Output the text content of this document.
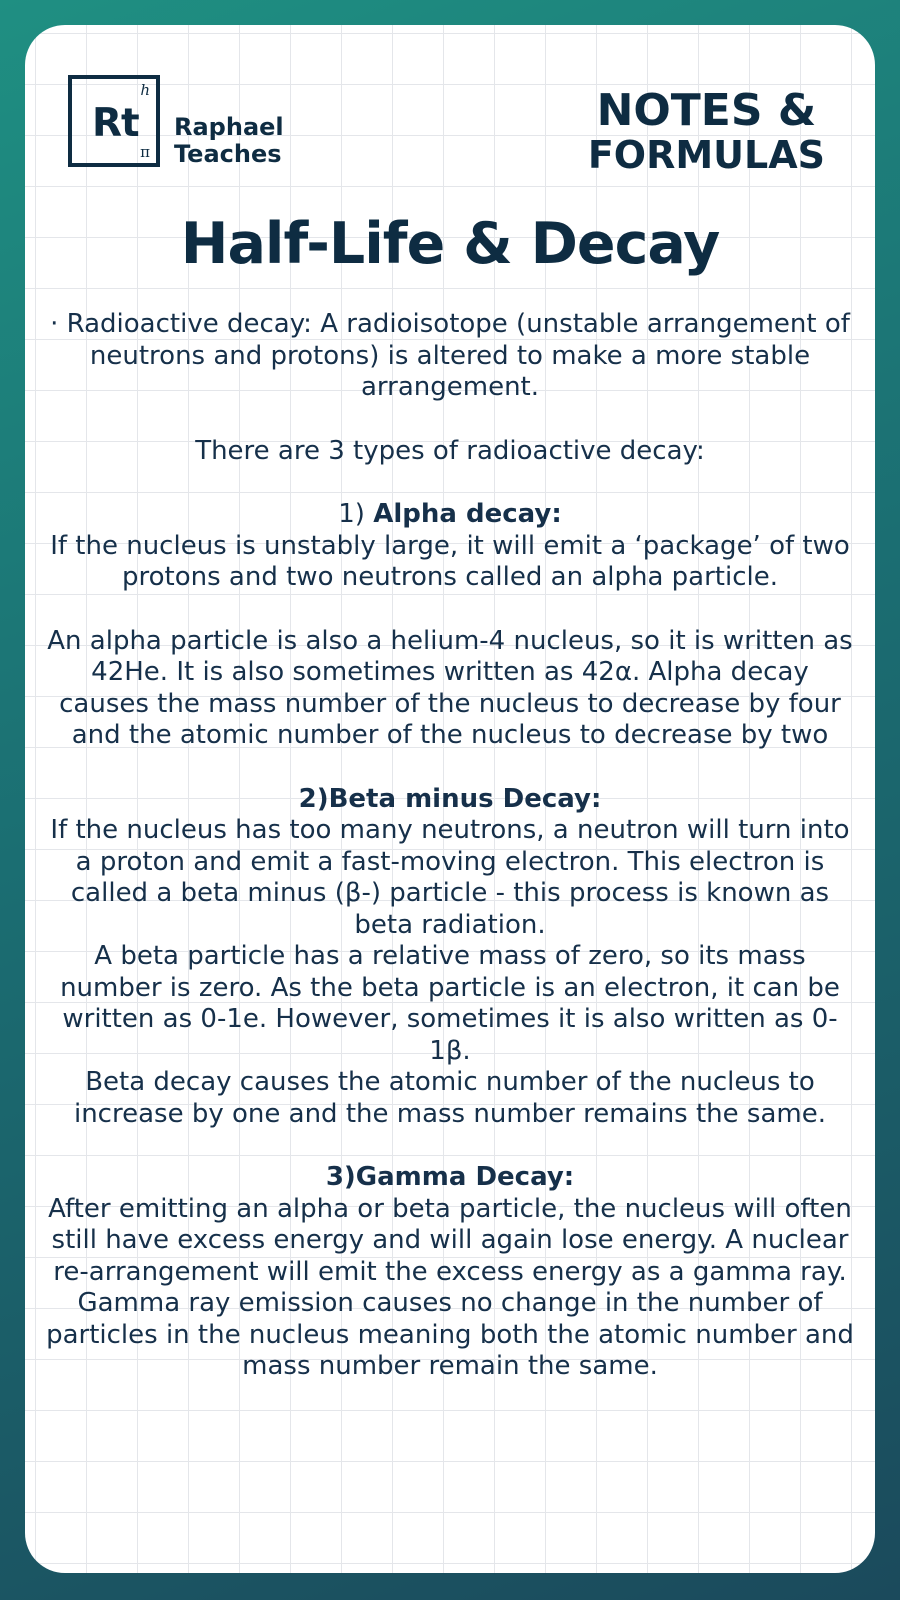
Rt
h
π
Raphael
Teaches
NOTES &
FORMULAS
Half-Life & Decay

· Radioactive decay: A radioisotope (unstable arrangement of neutrons and protons) is altered to make a more stable arrangement.

There are 3 types of radioactive decay:

1) Alpha decay:

If the nucleus is unstably large, it will emit a ‘package’ of two protons and two neutrons called an alpha particle.

An alpha particle is also a helium-4 nucleus, so it is written as 42He. It is also sometimes written as 42α. Alpha decay causes the mass number of the nucleus to decrease by four and the atomic number of the nucleus to decrease by two

2)Beta minus Decay:

If the nucleus has too many neutrons, a neutron will turn into a proton and emit a fast-moving electron. This electron is called a beta minus (β-) particle - this process is known as beta radiation.

A beta particle has a relative mass of zero, so its mass number is zero. As the beta particle is an electron, it can be written as 0-1e. However, sometimes it is also written as 0-1β.

Beta decay causes the atomic number of the nucleus to increase by one and the mass number remains the same.

3)Gamma Decay:

After emitting an alpha or beta particle, the nucleus will often still have excess energy and will again lose energy. A nuclear re-arrangement will emit the excess energy as a gamma ray.

Gamma ray emission causes no change in the number of particles in the nucleus meaning both the atomic number and mass number remain the same.
